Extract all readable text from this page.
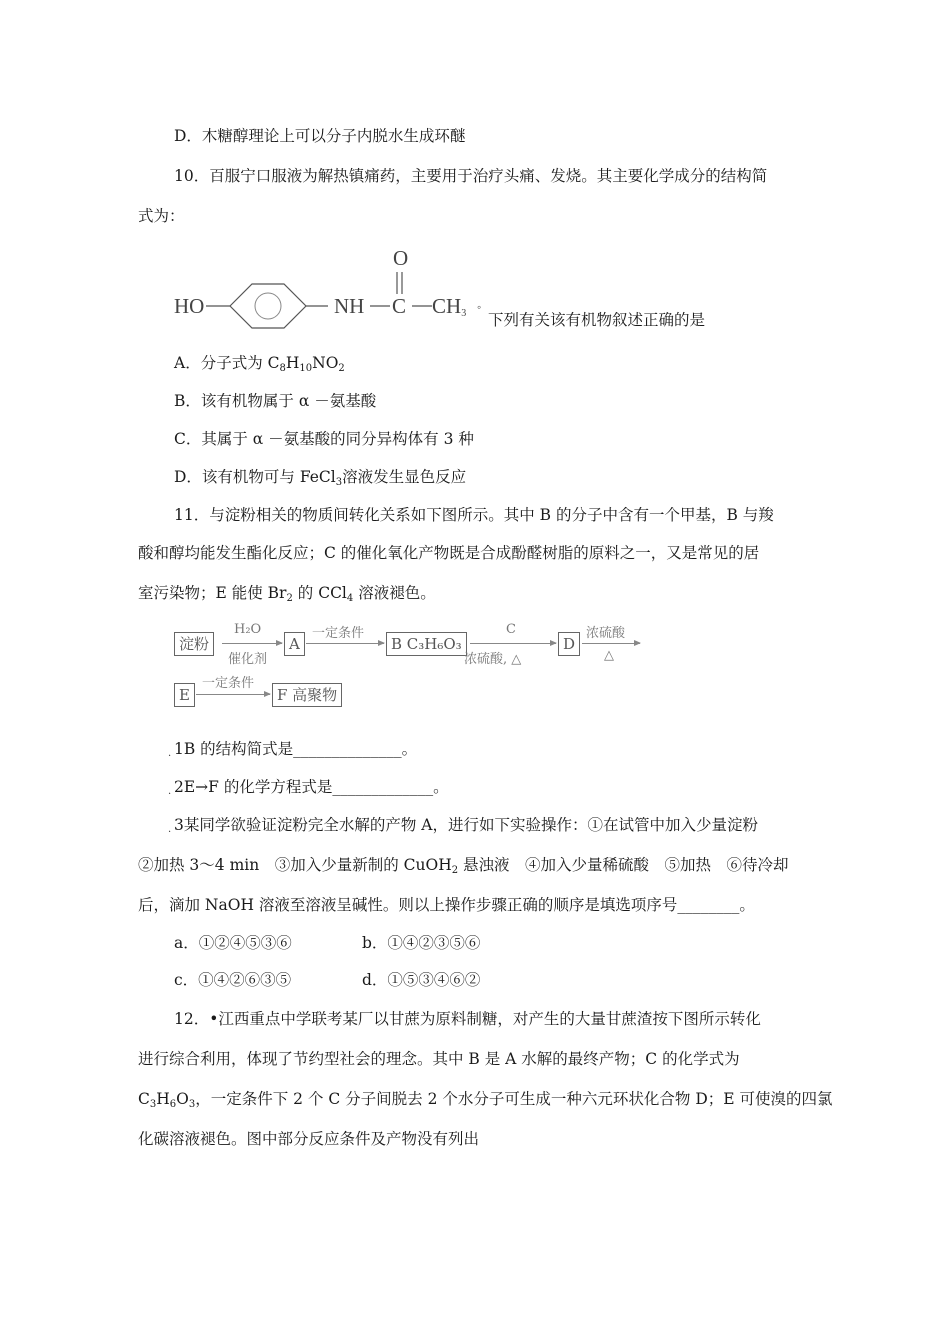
D．木糖醇理论上可以分子内脱水生成环醚
10．百服宁口服液为解热镇痛药，主要用于治疗头痛、发烧。其主要化学成分的结构简
式为：
HO	NH
O
C $CH_3$ ◦
下列有关该有机物叙述正确的是
A．分子式为 $C_8H_{10}NO_2$
B．该有机物属于 α －氨基酸
C．其属于 α －氨基酸的同分异构体有 3 种
D．该有机物可与 FeCl$_3$溶液发生显色反应
11．与淀粉相关的物质间转化关系如下图所示。其中 B 的分子中含有一个甲基，B 与羧
酸和醇均能发生酯化反应；C 的催化氧化产物既是合成酚醛树脂的原料之一，又是常见的居
室污染物；E 能使 $Br_2$ 的 CCl$_4$ 溶液褪色。
淀粉
H₂O
催化剂
A
一定条件
B C₃H₆O₃
C
浓硫酸, △
D
浓硫酸
△
E
一定条件
F 高聚物
. 1B 的结构简式是______________。
. 2E→F 的化学方程式是_____________。
. 3某同学欲验证淀粉完全水解的产物 A，进行如下实验操作：①在试管中加入少量淀粉
②加热 3～4 min　③加入少量新制的 CuOH$_2$ 悬浊液　④加入少量稀硫酸　⑤加热　⑥待冷却
后，滴加 NaOH 溶液至溶液呈碱性。则以上操作步骤正确的顺序是填选项序号________。
a．①②④⑤③⑥	b．①④②③⑤⑥
c．①④②⑥③⑤	d．①⑤③④⑥②
12．•江西重点中学联考某厂以甘蔗为原料制糖，对产生的大量甘蔗渣按下图所示转化
进行综合利用，体现了节约型社会的理念。其中 B 是 A 水解的最终产物；C 的化学式为
$C_3H_6O_3$，一定条件下 2 个 C 分子间脱去 2 个水分子可生成一种六元环状化合物 D；E 可使溴的四氯
化碳溶液褪色。图中部分反应条件及产物没有列出
